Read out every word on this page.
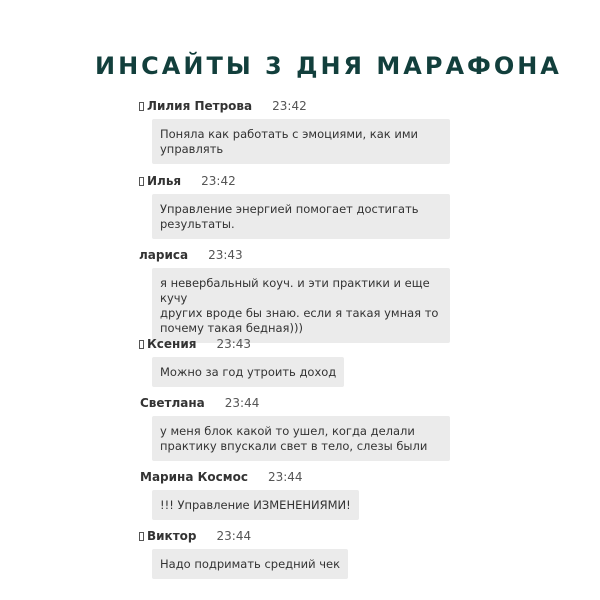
ИНСАЙТЫ 3 ДНЯ МАРАФОНА
Лилия Петрова 23:42
Поняла как работать с эмоциями, как ими
управлять
Илья 23:42
Управление энергией помогает достигать
результаты.
лариса 23:43
я невербальный коуч. и эти практики и еще кучу
других вроде бы знаю. если я такая умная то
почему такая бедная)))
Ксения 23:43
Можно за год утроить доход
Светлана 23:44
у меня блок какой то ушел, когда делали
практику впускали свет в тело, слезы были
Марина Космос 23:44
!!! Управление ИЗМЕНЕНИЯМИ!
Виктор 23:44
Надо подримать средний чек
